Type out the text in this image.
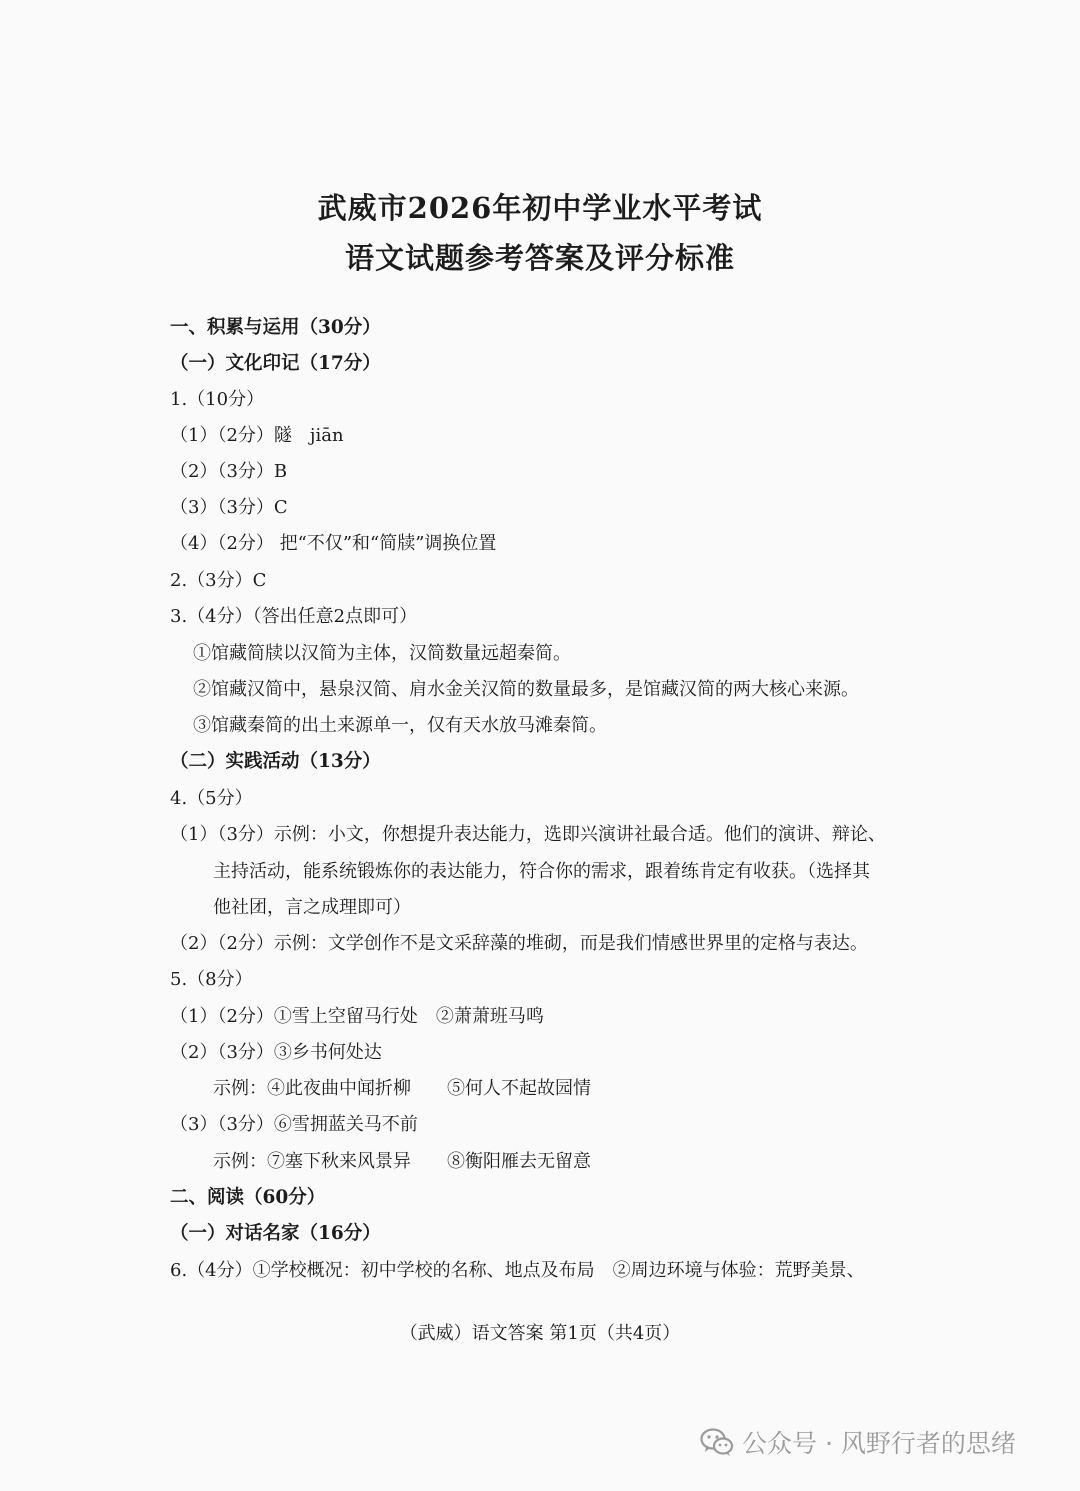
武威市2026年初中学业水平考试
语文试题参考答案及评分标准
一、积累与运用（30分）
（一）文化印记（17分）
1.（10分）
（1）（2分）隧　jiān
（2）（3分）B
（3）（3分）C
（4）（2分） 把“不仅”和“简牍”调换位置
2.（3分）C
3.（4分）（答出任意2点即可）
①馆藏简牍以汉简为主体，汉简数量远超秦简。
②馆藏汉简中，悬泉汉简、肩水金关汉简的数量最多，是馆藏汉简的两大核心来源。
③馆藏秦简的出土来源单一，仅有天水放马滩秦简。
（二）实践活动（13分）
4.（5分）
（1）（3分）示例：小文，你想提升表达能力，选即兴演讲社最合适。他们的演讲、辩论、
主持活动，能系统锻炼你的表达能力，符合你的需求，跟着练肯定有收获。（选择其
他社团，言之成理即可）
（2）（2分）示例：文学创作不是文采辞藻的堆砌，而是我们情感世界里的定格与表达。
5.（8分）
（1）（2分）①雪上空留马行处　②萧萧班马鸣
（2）（3分）③乡书何处达
示例：④此夜曲中闻折柳　　⑤何人不起故园情
（3）（3分）⑥雪拥蓝关马不前
示例：⑦塞下秋来风景异　　⑧衡阳雁去无留意
二、阅读（60分）
（一）对话名家（16分）
6.（4分）①学校概况：初中学校的名称、地点及布局　②周边环境与体验：荒野美景、
（武威）语文答案 第1页（共4页）
公众号 · 风野行者的思绪
